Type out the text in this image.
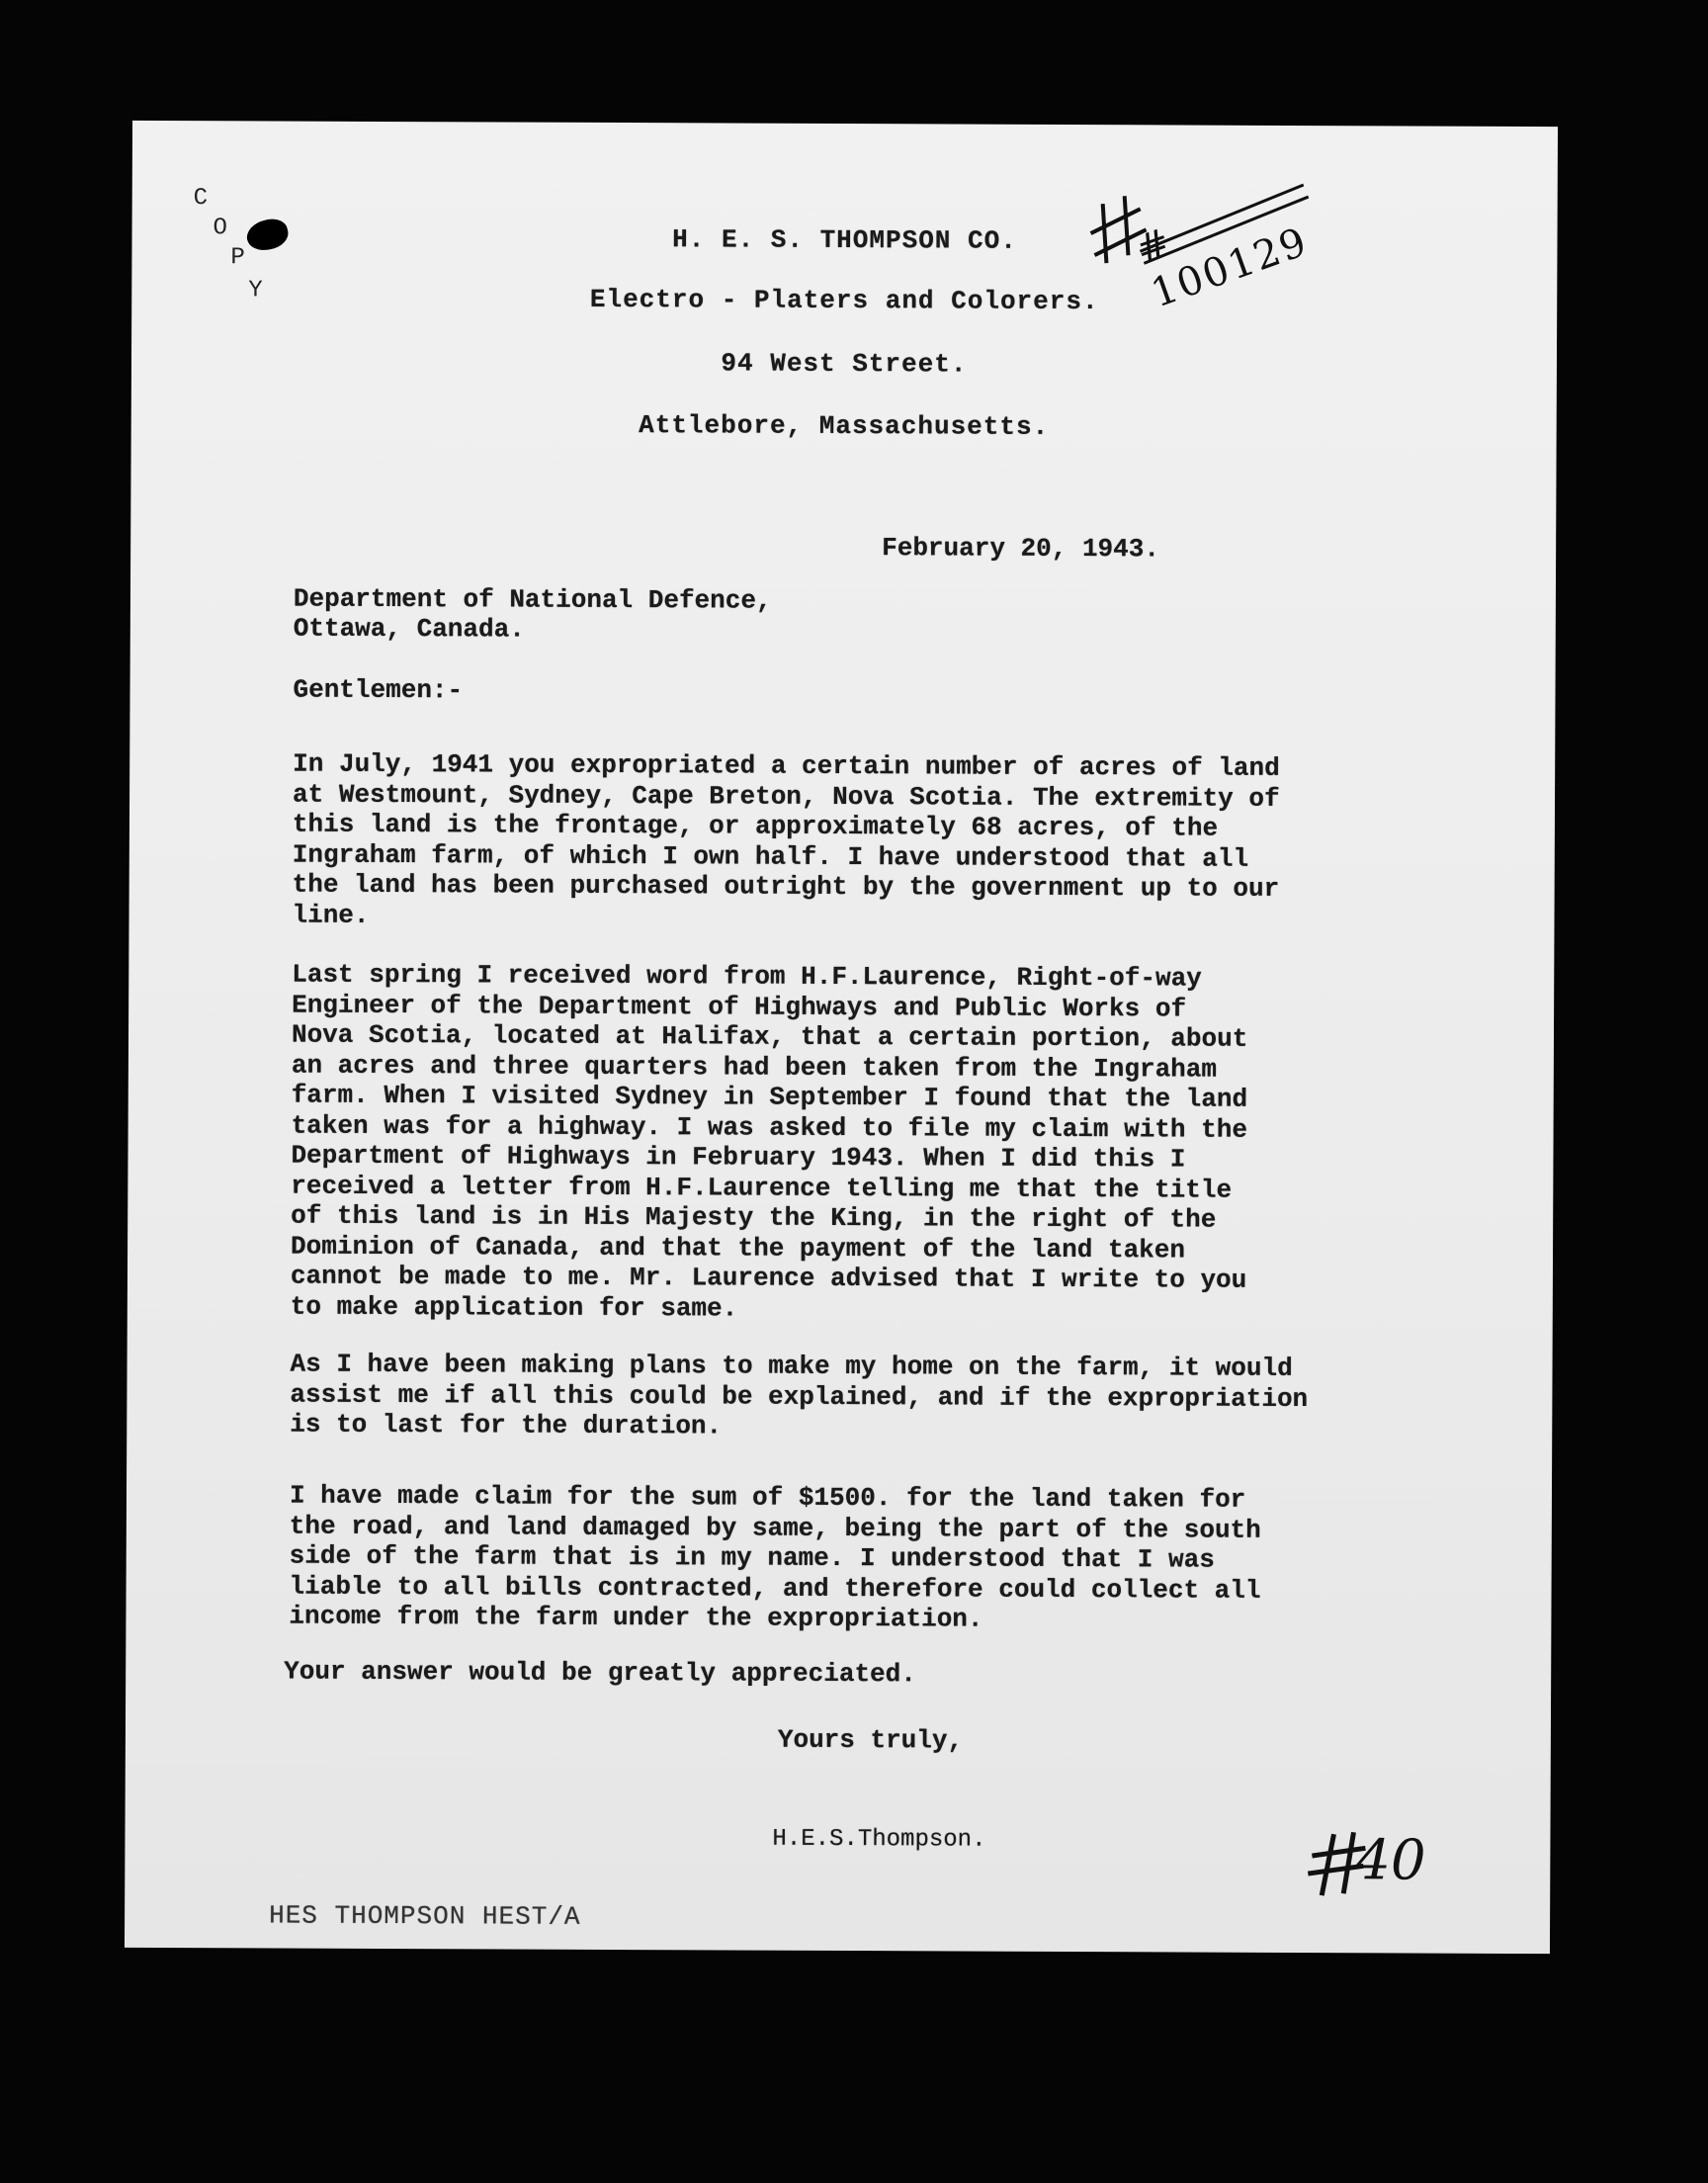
C
O
P
Y
H. E. S. THOMPSON CO.
Electro - Platers and Colorers.
94 West Street.
Attlebore, Massachusetts.
# 100129
February 20, 1943.
Department of National Defence,
Ottawa, Canada.
Gentlemen:-
In July, 1941 you expropriated a certain number of acres of land
at Westmount, Sydney, Cape Breton, Nova Scotia. The extremity of
this land is the frontage, or approximately 68 acres, of the
Ingraham farm, of which I own half. I have understood that all
the land has been purchased outright by the government up to our
line.
Last spring I received word from H.F.Laurence, Right-of-way
Engineer of the Department of Highways and Public Works of
Nova Scotia, located at Halifax, that a certain portion, about
an acres and three quarters had been taken from the Ingraham
farm. When I visited Sydney in September I found that the land
taken was for a highway. I was asked to file my claim with the
Department of Highways in February 1943. When I did this I
received a letter from H.F.Laurence telling me that the title
of this land is in His Majesty the King, in the right of the
Dominion of Canada, and that the payment of the land taken
cannot be made to me. Mr. Laurence advised that I write to you
to make application for same.
As I have been making plans to make my home on the farm, it would
assist me if all this could be explained, and if the expropriation
is to last for the duration.
I have made claim for the sum of $1500. for the land taken for
the road, and land damaged by same, being the part of the south
side of the farm that is in my name. I understood that I was
liable to all bills contracted, and therefore could collect all
income from the farm under the expropriation.
Your answer would be greatly appreciated.
Yours truly,
H.E.S.Thompson.	40
HES THOMPSON HEST/A
